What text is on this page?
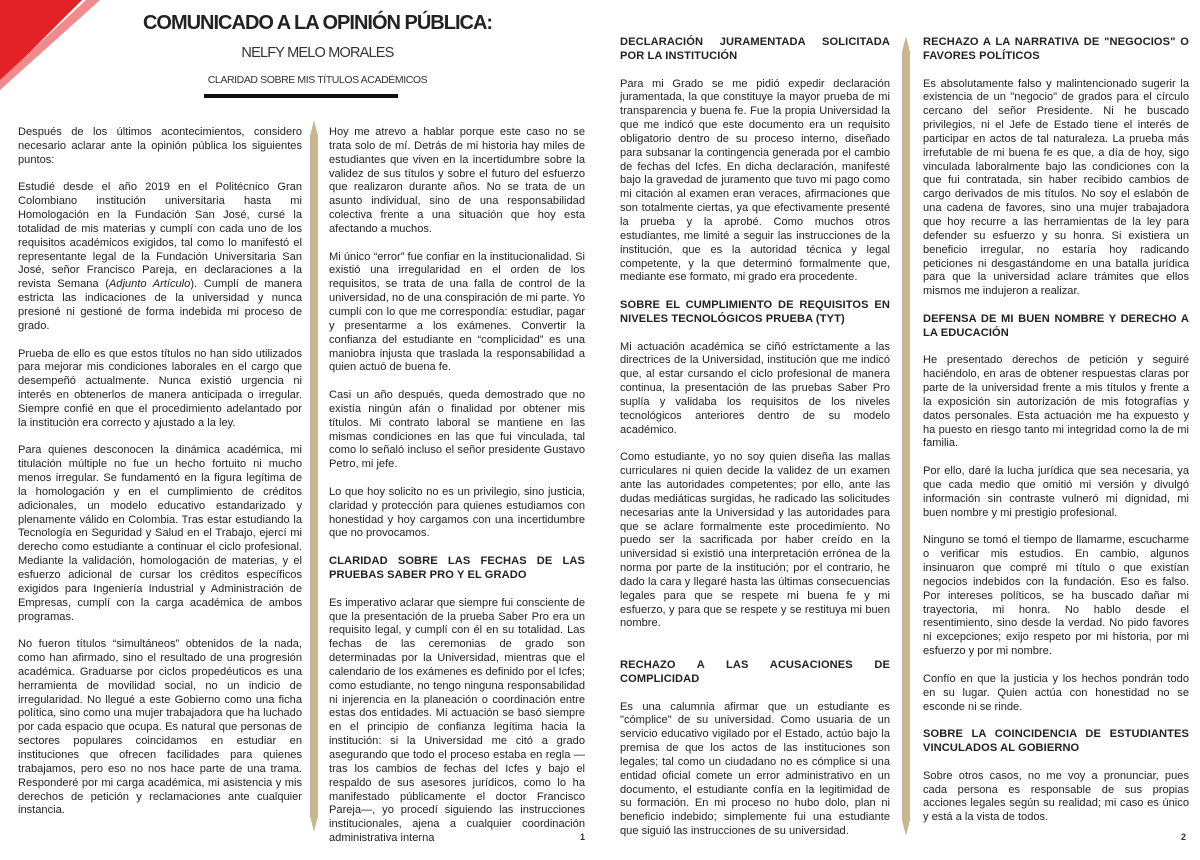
COMUNICADO A LA OPINIÓN PÚBLICA:
NELFY MELO MORALES
CLARIDAD SOBRE MIS TÍTULOS ACADÉMICOS

Después de los últimos acontecimientos, considero necesario aclarar ante la opinión pública los siguientes puntos:

Estudié desde el año 2019 en el Politécnico Gran Colombiano institución universitaria hasta mi Homologación en la Fundación San José, cursé la totalidad de mis materias y cumplí con cada uno de los requisitos académicos exigidos, tal como lo manifestó el representante legal de la Fundación Universitaria San José, señor Francisco Pareja, en declaraciones a la revista Semana (Adjunto Artículo). Cumplí de manera estricta las indicaciones de la universidad y nunca presioné ni gestioné de forma indebida mi proceso de grado.

Prueba de ello es que estos títulos no han sido utilizados para mejorar mis condiciones laborales en el cargo que desempeñó actualmente. Nunca existió urgencia ni interés en obtenerlos de manera anticipada o irregular. Siempre confié en que el procedimiento adelantado por la institución era correcto y ajustado a la ley.

Para quienes desconocen la dinámica académica, mi titulación múltiple no fue un hecho fortuito ni mucho menos irregular. Se fundamentó en la figura legítima de la homologación y en el cumplimiento de créditos adicionales, un modelo educativo estandarizado y plenamente válido en Colombia. Tras estar estudiando la Tecnología en Seguridad y Salud en el Trabajo, ejercí mi derecho como estudiante a continuar el ciclo profesional. Mediante la validación, homologación de materias, y el esfuerzo adicional de cursar los créditos específicos exigidos para Ingeniería Industrial y Administración de Empresas, cumplí con la carga académica de ambos programas.

No fueron títulos “simultáneos” obtenidos de la nada, como han afirmado, sino el resultado de una progresión académica. Graduarse por ciclos propedéuticos es una herramienta de movilidad social, no un indicio de irregularidad. No llegué a este Gobierno como una ficha política, sino como una mujer trabajadora que ha luchado por cada espacio que ocupa. Es natural que personas de sectores populares coincidamos en estudiar en instituciones que ofrecen facilidades para quienes trabajamos, pero eso no nos hace parte de una trama. Responderé por mi carga académica, mi asistencia y mis derechos de petición y reclamaciones ante cualquier instancia.

Hoy me atrevo a hablar porque este caso no se trata solo de mí. Detrás de mi historia hay miles de estudiantes que viven en la incertidumbre sobre la validez de sus títulos y sobre el futuro del esfuerzo que realizaron durante años. No se trata de un asunto individual, sino de una responsabilidad colectiva frente a una situación que hoy esta afectando a muchos.

Mi único “error” fue confiar en la institucionalidad. Si existió una irregularidad en el orden de los requisitos, se trata de una falla de control de la universidad, no de una conspiración de mi parte. Yo cumplí con lo que me correspondía: estudiar, pagar y presentarme a los exámenes. Convertir la confianza del estudiante en “complicidad” es una maniobra injusta que traslada la responsabilidad a quien actuó de buena fe.

Casi un año después, queda demostrado que no existía ningún afán o finalidad por obtener mis títulos. Mi contrato laboral se mantiene en las mismas condiciones en las que fui vinculada, tal como lo señaló incluso el señor presidente Gustavo Petro, mi jefe.

Lo que hoy solicito no es un privilegio, sino justicia, claridad y protección para quienes estudiamos con honestidad y hoy cargamos con una incertidumbre que no provocamos.

CLARIDAD SOBRE LAS FECHAS DE LAS PRUEBAS SABER PRO Y EL GRADO

Es imperativo aclarar que siempre fui consciente de que la presentación de la prueba Saber Pro era un requisito legal, y cumplí con él en su totalidad. Las fechas de las ceremonias de grado son determinadas por la Universidad, mientras que el calendario de los exámenes es definido por el Icfes; como estudiante, no tengo ninguna responsabilidad ni injerencia en la planeación o coordinación entre estas dos entidades. Mi actuación se basó siempre en el principio de confianza legítima hacia la institución: si la Universidad me citó a grado asegurando que todo el proceso estaba en regla —tras los cambios de fechas del Icfes y bajo el respaldo de sus asesores jurídicos, como lo ha manifestado públicamente el doctor Francisco Pareja—, yo procedí siguiendo las instrucciones institucionales, ajena a cualquier coordinación administrativa interna

DECLARACIÓN JURAMENTADA SOLICITADA POR LA INSTITUCIÓN

Para mi Grado se me pidió expedir declaración juramentada, la que constituye la mayor prueba de mi transparencia y buena fe. Fue la propia Universidad la que me indicó que este documento era un requisito obligatorio dentro de su proceso interno, diseñado para subsanar la contingencia generada por el cambio de fechas del Icfes. En dicha declaración, manifesté bajo la gravedad de juramento que tuvo mi pago como mi citación al examen eran veraces, afirmaciones que son totalmente ciertas, ya que efectivamente presenté la prueba y la aprobé. Como muchos otros estudiantes, me limité a seguir las instrucciones de la institución, que es la autoridad técnica y legal competente, y la que determinó formalmente que, mediante ese formato, mi grado era procedente.

SOBRE EL CUMPLIMIENTO DE REQUISITOS EN NIVELES TECNOLÓGICOS PRUEBA (TYT)

Mi actuación académica se ciñó estrictamente a las directrices de la Universidad, institución que me indicó que, al estar cursando el ciclo profesional de manera continua, la presentación de las pruebas Saber Pro suplía y validaba los requisitos de los niveles tecnológicos anteriores dentro de su modelo académico.

Como estudiante, yo no soy quien diseña las mallas curriculares ni quien decide la validez de un examen ante las autoridades competentes; por ello, ante las dudas mediáticas surgidas, he radicado las solicitudes necesarias ante la Universidad y las autoridades para que se aclare formalmente este procedimiento. No puedo ser la sacrificada por haber creído en la universidad si existió una interpretación errónea de la norma por parte de la institución; por el contrario, he dado la cara y llegaré hasta las últimas consecuencias legales para que se respete mi buena fe y mi esfuerzo, y para que se respete y se restituya mi buen nombre.

RECHAZO A LAS ACUSACIONES DE COMPLICIDAD

Es una calumnia afirmar que un estudiante es "cómplice" de su universidad. Como usuaria de un servicio educativo vigilado por el Estado, actúo bajo la premisa de que los actos de las instituciones son legales; tal como un ciudadano no es cómplice si una entidad oficial comete un error administrativo en un documento, el estudiante confía en la legitimidad de su formación. En mi proceso no hubo dolo, plan ni beneficio indebido; simplemente fui una estudiante que siguió las instrucciones de su universidad.

RECHAZO A LA NARRATIVA DE "NEGOCIOS" O FAVORES POLÍTICOS

Es absolutamente falso y malintencionado sugerir la existencia de un "negocio" de grados para el círculo cercano del señor Presidente. Ni he buscado privilegios, ni el Jefe de Estado tiene el interés de participar en actos de tal naturaleza. La prueba más irrefutable de mi buena fe es que, a día de hoy, sigo vinculada laboralmente bajo las condiciones con la que fui contratada, sin haber recibido cambios de cargo derivados de mis títulos. No soy el eslabón de una cadena de favores, sino una mujer trabajadora que hoy recurre a las herramientas de la ley para defender su esfuerzo y su honra. Si existiera un beneficio irregular, no estaría hoy radicando peticiones ni desgastándome en una batalla jurídica para que la universidad aclare trámites que ellos mismos me indujeron a realizar.

DEFENSA DE MI BUEN NOMBRE Y DERECHO A LA EDUCACIÓN

He presentado derechos de petición y seguiré haciéndolo, en aras de obtener respuestas claras por parte de la universidad frente a mis títulos y frente a la exposición sin autorización de mis fotografías y datos personales. Esta actuación me ha expuesto y ha puesto en riesgo tanto mi integridad como la de mi familia.

Por ello, daré la lucha jurídica que sea necesaria, ya que cada medio que omitió mi versión y divulgó información sin contraste vulneró mi dignidad, mi buen nombre y mi prestigio profesional.

Ninguno se tomó el tiempo de llamarme, escucharme o verificar mis estudios. En cambio, algunos insinuaron que compré mi título o que existían negocios indebidos con la fundación. Eso es falso. Por intereses políticos, se ha buscado dañar mi trayectoria, mi honra. No hablo desde el resentimiento, sino desde la verdad. No pido favores ni excepciones; exijo respeto por mi historia, por mi esfuerzo y por mi nombre.

Confío en que la justicia y los hechos pondrán todo en su lugar. Quien actúa con honestidad no se esconde ni se rinde.

SOBRE LA COINCIDENCIA DE ESTUDIANTES VINCULADOS AL GOBIERNO

Sobre otros casos, no me voy a pronunciar, pues cada persona es responsable de sus propias acciones legales según su realidad; mi caso es único y está a la vista de todos.

1	2
